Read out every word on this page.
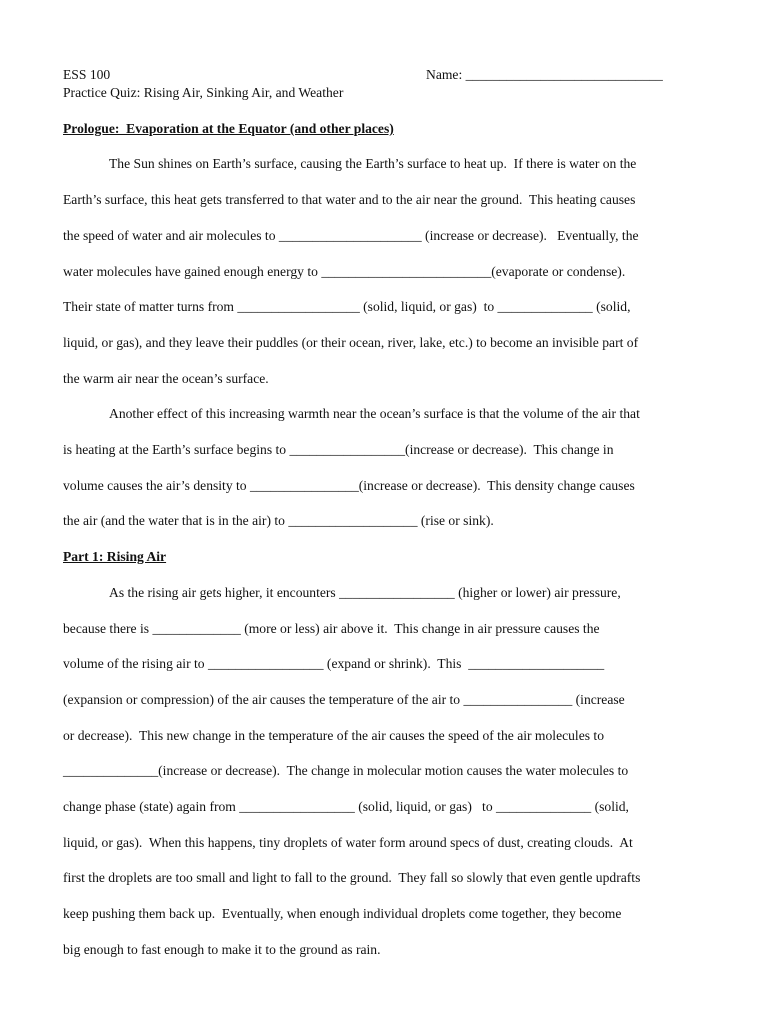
ESS 100	Name: _____________________________
Practice Quiz: Rising Air, Sinking Air, and Weather
Prologue:  Evaporation at the Equator (and other places)
The Sun shines on Earth’s surface, causing the Earth’s surface to heat up.  If there is water on the
Earth’s surface, this heat gets transferred to that water and to the air near the ground.  This heating causes
the speed of water and air molecules to _____________________ (increase or decrease).   Eventually, the
water molecules have gained enough energy to _________________________(evaporate or condense).
Their state of matter turns from __________________ (solid, liquid, or gas)  to ______________ (solid,
liquid, or gas), and they leave their puddles (or their ocean, river, lake, etc.) to become an invisible part of
the warm air near the ocean’s surface.
Another effect of this increasing warmth near the ocean’s surface is that the volume of the air that
is heating at the Earth’s surface begins to _________________(increase or decrease).  This change in
volume causes the air’s density to ________________(increase or decrease).  This density change causes
the air (and the water that is in the air) to ___________________ (rise or sink).
Part 1: Rising Air
As the rising air gets higher, it encounters _________________ (higher or lower) air pressure,
because there is _____________ (more or less) air above it.  This change in air pressure causes the
volume of the rising air to _________________ (expand or shrink).  This  ____________________
(expansion or compression) of the air causes the temperature of the air to ________________ (increase
or decrease).  This new change in the temperature of the air causes the speed of the air molecules to
______________(increase or decrease).  The change in molecular motion causes the water molecules to
change phase (state) again from _________________ (solid, liquid, or gas)   to ______________ (solid,
liquid, or gas).  When this happens, tiny droplets of water form around specs of dust, creating clouds.  At
first the droplets are too small and light to fall to the ground.  They fall so slowly that even gentle updrafts
keep pushing them back up.  Eventually, when enough individual droplets come together, they become
big enough to fast enough to make it to the ground as rain.
